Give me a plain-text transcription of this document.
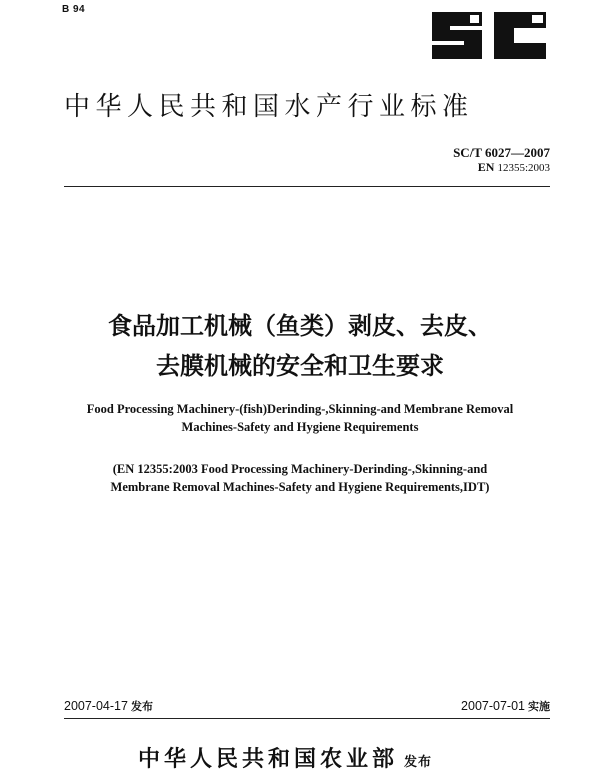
B 94
中华人民共和国水产行业标准
SC/T 6027—2007
EN 12355:2003
食品加工机械（鱼类）剥皮、去皮、
去膜机械的安全和卫生要求
Food Processing Machinery-(fish)Derinding-,Skinning-and Membrane Removal
Machines-Safety and Hygiene Requirements
(EN 12355:2003 Food Processing Machinery-Derinding-,Skinning-and
Membrane Removal Machines-Safety and Hygiene Requirements,IDT)
2007-04-17 发布	2007-07-01 实施
中华人民共和国农业部 发布
